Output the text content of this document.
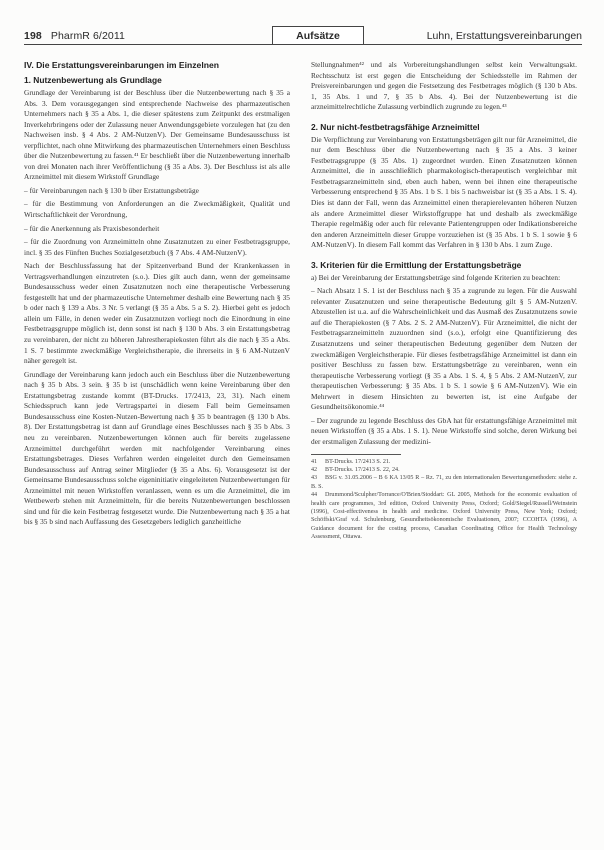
198 PharmR 6/2011	Aufsätze	Luhn, Erstattungsvereinbarungen
IV. Die Erstattungsvereinbarungen im Einzelnen
1. Nutzenbewertung als Grundlage

Grundlage der Vereinbarung ist der Beschluss über die Nutzenbewertung nach § 35 a Abs. 3. Dem vorausgegangen sind entsprechende Nachweise des pharmazeutischen Unternehmers nach § 35 a Abs. 1, die dieser spätestens zum Zeitpunkt des erstmaligen Inverkehrbringens oder der Zulassung neuer Anwendungsgebiete vorzulegen hat (zu den Nachweisen insb. § 4 Abs. 2 AM-NutzenV). Der Gemeinsame Bundesausschuss ist verpflichtet, nach ohne Mitwirkung des pharmazeutischen Unternehmers einen Beschluss über die Nutzenbewertung zu fassen.⁴¹ Er beschließt über die Nutzenbewertung innerhalb von drei Monaten nach ihrer Veröffentlichung (§ 35 a Abs. 3). Der Beschluss ist als alle Arzneimittel mit diesem Wirkstoff Grundlage

– für Vereinbarungen nach § 130 b über Erstattungsbeträge

– für die Bestimmung von Anforderungen an die Zweckmäßigkeit, Qualität und Wirtschaftlichkeit der Verordnung,

– für die Anerkennung als Praxisbesonderheit

– für die Zuordnung von Arzneimitteln ohne Zusatznutzen zu einer Festbetragsgruppe, incl. § 35 des Fünften Buches Sozialgesetzbuch (§ 7 Abs. 4 AM-NutzenV).

Nach der Beschlussfassung hat der Spitzenverband Bund der Krankenkassen in Vertragsverhandlungen einzutreten (s.o.). Dies gilt auch dann, wenn der gemeinsame Bundesausschuss weder einen Zusatznutzen noch eine therapeutische Verbesserung festgestellt hat und der pharmazeutische Unternehmer deshalb eine Bewertung nach § 35 b oder nach § 139 a Abs. 3 Nr. 5 verlangt (§ 35 a Abs. 5 a S. 2). Hierbei geht es jedoch allein um Fälle, in denen weder ein Zusatznutzen vorliegt noch die Einordnung in eine Festbetragsgruppe möglich ist, denn sonst ist nach § 130 b Abs. 3 ein Erstattungsbetrag zu vereinbaren, der nicht zu höheren Jahrestherapiekosten führt als die nach § 35 a Abs. 1 S. 7 bestimmte zweckmäßige Vergleichstherapie, die ihrerseits in § 6 AM-NutzenV näher geregelt ist.

Grundlage der Vereinbarung kann jedoch auch ein Beschluss über die Nutzenbewertung nach § 35 b Abs. 3 sein. § 35 b ist (unschädlich wenn keine Vereinbarung über den Erstattungsbetrag zustande kommt (BT-Drucks. 17/2413, 23, 31). Nach einem Schiedsspruch kann jede Vertragspartei in diesem Fall beim Gemeinsamen Bundesausschuss eine Kosten-Nutzen-Bewertung nach § 35 b beantragen (§ 130 b Abs. 8). Der Erstattungsbetrag ist dann auf Grundlage eines Beschlusses nach § 35 b Abs. 3 neu zu vereinbaren. Nutzenbewertungen können auch für bereits zugelassene Arzneimittel durchgeführt werden mit nachfolgender Vereinbarung eines Erstattungsbetrages. Dieses Verfahren werden eingeleitet durch den Gemeinsamen Bundesausschuss auf Antrag seiner Mitglieder (§ 35 a Abs. 6). Vorausgesetzt ist der Gemeinsame Bundesausschuss solche eigeninitiativ eingeleiteten Nutzenbewertungen für Arzneimittel mit neuen Wirkstoffen veranlassen, wenn es um die Arzneimittel, die im Wettbewerb stehen mit Arzneimitteln, für die bereits Nutzenbewertungen beschlossen sind und für die kein Festbetrag festgesetzt wurde. Die Nutzenbewertung nach § 35 a hat bis § 35 b sind nach Auffassung des Gesetzgebers lediglich ganzheitliche

Stellungnahmen⁴² und als Vorbereitungshandlungen selbst kein Verwaltungsakt. Rechtsschutz ist erst gegen die Entscheidung der Schiedsstelle im Rahmen der Preisvereinbarungen und gegen die Festsetzung des Festbetrages möglich (§ 130 b Abs. 1, 35 Abs. 1 und 7, § 35 b Abs. 4). Bei der Nutzenbewertung ist die arzneimittelrechtliche Zulassung verbindlich zugrunde zu legen.⁴³

2. Nur nicht-festbetragsfähige Arzneimittel

Die Verpflichtung zur Vereinbarung von Erstattungsbeträgen gilt nur für Arzneimittel, die nur dem Beschluss über die Nutzenbewertung nach § 35 a Abs. 3 keiner Festbetragsgruppe (§ 35 Abs. 1) zugeordnet wurden. Einen Zusatznutzen können Arzneimittel, die in ausschließlich pharmakologisch-therapeutisch vergleichbar mit Festbetragsarzneimitteln sind, eben auch haben, wenn bei ihnen eine therapeutische Verbesserung entsprechend § 35 Abs. 1 b S. 1 bis 5 nachweisbar ist (§ 35 a Abs. 1 S. 4). Dies ist dann der Fall, wenn das Arzneimittel einen therapierelevanten höheren Nutzen als andere Arzneimittel dieser Wirkstoffgruppe hat und deshalb als zweckmäßige Therapie regelmäßig oder auch für relevante Patientengruppen oder Indikationsbereiche den anderen Arzneimitteln dieser Gruppe vorzuziehen ist (§ 35 Abs. 1 b S. 1 sowie § 6 AM-NutzenV). In diesem Fall kommt das Verfahren in § 130 b Abs. 1 zum Zuge.

3. Kriterien für die Ermittlung der Erstattungsbeträge

a) Bei der Vereinbarung der Erstattungsbeträge sind folgende Kriterien zu beachten:

– Nach Absatz 1 S. 1 ist der Beschluss nach § 35 a zugrunde zu legen. Für die Auswahl relevanter Zusatznutzen und seine therapeutische Bedeutung gilt § 5 AM-NutzenV. Abzustellen ist u.a. auf die Wahrscheinlichkeit und das Ausmaß des Zusatznutzens sowie auf die Therapiekosten (§ 7 Abs. 2 S. 2 AM-NutzenV). Für Arzneimittel, die nicht der Festbetragsarzneimitteln zuzuordnen sind (s.o.), erfolgt eine Quantifizierung des Zusatznutzens und seiner therapeutischen Bedeutung gegenüber dem Nutzen der zweckmäßigen Vergleichstherapie. Für dieses festbetragsfähige Arzneimittel ist dann ein positiver Beschluss zu fassen bzw. Erstattungsbeträge zu vereinbaren, wenn ein therapeutische Verbesserung vorliegt (§ 35 a Abs. 1 S. 4, § 5 Abs. 2 AM-NutzenV, zur therapeutischen Verbesserung: § 35 Abs. 1 b S. 1 sowie § 6 AM-NutzenV). Wie ein Mehrwert in diesem Hinsichten zu bewerten ist, ist eine Aufgabe der Gesundheitsökonomie.⁴⁴

– Der zugrunde zu legende Beschluss des GbA hat für erstattungsfähige Arzneimittel mit neuen Wirkstoffen (§ 35 a Abs. 1 S. 1). Neue Wirkstoffe sind solche, deren Wirkung bei der erstmaligen Zulassung der medizini-

41 BT-Drucks. 17/2413 S. 21.
42 BT-Drucks. 17/2413 S. 22, 24.
43 BSG v. 31.05.2006 – B 6 KA 13/05 R – Rz. 71, zu den internationalen Bewertungsmethoden: siehe z. B. S.
44 Drummond/Sculpher/Torrance/O'Brien/Stoddart: GL 2005, Methods for the economic evaluation of health care programmes, 3rd edition, Oxford University Press, Oxford; Gold/Siegel/Russell/Weinstein (1996), Cost-effectiveness in health and medicine. Oxford University Press, New York; Oxford; Schöffski/Graf v.d. Schulenburg, Gesundheitsökonomische Evaluationen, 2007; CCOHTA (1996), A Guidance document for the costing process, Canadian Coordinating Office for Health Technology Assessment, Ottawa.
